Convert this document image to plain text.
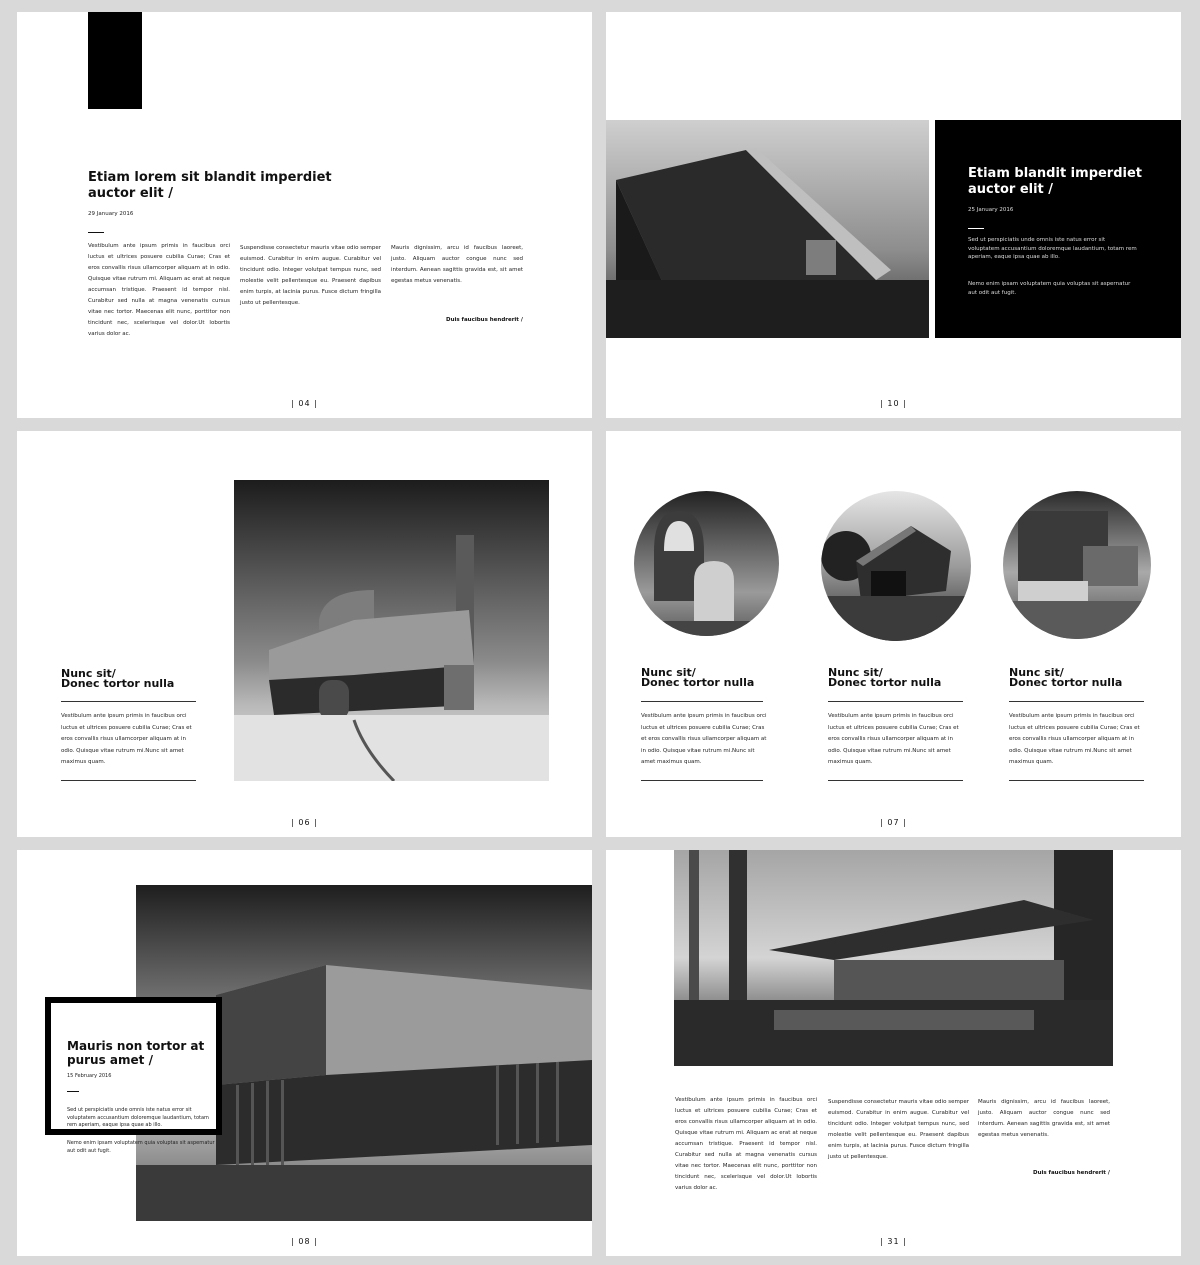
Etiam lorem sit blandit imperdiet auctor elit /
29 January 2016
Vestibulum ante ipsum primis in faucibus orci luctus et ultrices posuere cubilia Curae; Cras et eros convallis risus ullamcorper aliquam at in odio. Quisque vitae rutrum mi. Aliquam ac erat at neque accumsan tristique. Praesent id tempor nisl. Curabitur sed nulla at magna venenatis cursus vitae nec tortor. Maecenas elit nunc, porttitor non tincidunt nec, scelerisque vel dolor.Ut lobortis varius dolor ac.
Suspendisse consectetur mauris vitae odio semper euismod. Curabitur in enim augue. Curabitur vel tincidunt odio. Integer volutpat tempus nunc, sed molestie velit pellentesque eu. Praesent dapibus enim turpis, at lacinia purus. Fusce dictum fringilla justo ut pellentesque.
Mauris dignissim, arcu id faucibus laoreet, justo. Aliquam auctor congue nunc sed interdum. Aenean sagittis gravida est, sit amet egestas metus venenatis.
Duis faucibus hendrerit /
| 04 |
Etiam blandit imperdiet auctor elit /
25 January 2016
Sed ut perspiciatis unde omnis iste natus error sit voluptatem accusantium doloremque laudantium, totam rem aperiam, eaque ipsa quae ab illo.
Nemo enim ipsam voluptatem quia voluptas sit aspernatur aut odit aut fugit.
| 10 |
Nunc sit/
Donec tortor nulla
Vestibulum ante ipsum primis in faucibus orci luctus et ultrices posuere cubilia Curae; Cras et eros convallis risus ullamcorper aliquam at in odio. Quisque vitae rutrum mi.Nunc sit amet maximus quam.
| 06 |
Nunc sit/
Donec tortor nulla
Vestibulum ante ipsum primis in faucibus orci luctus et ultrices posuere cubilia Curae; Cras et eros convallis risus ullamcorper aliquam at in odio. Quisque vitae rutrum mi.Nunc sit amet maximus quam.
Nunc sit/
Donec tortor nulla
Vestibulum ante ipsum primis in faucibus orci luctus et ultrices posuere cubilia Curae; Cras et eros convallis risus ullamcorper aliquam at in odio. Quisque vitae rutrum mi.Nunc sit amet maximus quam.
Nunc sit/
Donec tortor nulla
Vestibulum ante ipsum primis in faucibus orci luctus et ultrices posuere cubilia Curae; Cras et eros convallis risus ullamcorper aliquam at in odio. Quisque vitae rutrum mi.Nunc sit amet maximus quam.
| 07 |
Mauris non tortor at purus amet /
15 February 2016
Sed ut perspiciatis unde omnis iste natus error sit voluptatem accusantium doloremque laudantium, totam rem aperiam, eaque ipsa quae ab illo.
Nemo enim ipsam voluptatem quia voluptas sit aspernatur aut odit aut fugit.
| 08 |
Vestibulum ante ipsum primis in faucibus orci luctus et ultrices posuere cubilia Curae; Cras et eros convallis risus ullamcorper aliquam at in odio. Quisque vitae rutrum mi. Aliquam ac erat at neque accumsan tristique. Praesent id tempor nisl. Curabitur sed nulla at magna venenatis cursus vitae nec tortor. Maecenas elit nunc, porttitor non tincidunt nec, scelerisque vel dolor.Ut lobortis varius dolor ac.
Suspendisse consectetur mauris vitae odio semper euismod. Curabitur in enim augue. Curabitur vel tincidunt odio. Integer volutpat tempus nunc, sed molestie velit pellentesque eu. Praesent dapibus enim turpis, at lacinia purus. Fusce dictum fringilla justo ut pellentesque.
Mauris dignissim, arcu id faucibus laoreet, justo. Aliquam auctor congue nunc sed interdum. Aenean sagittis gravida est, sit amet egestas metus venenatis.
Duis faucibus hendrerit /
| 31 |
